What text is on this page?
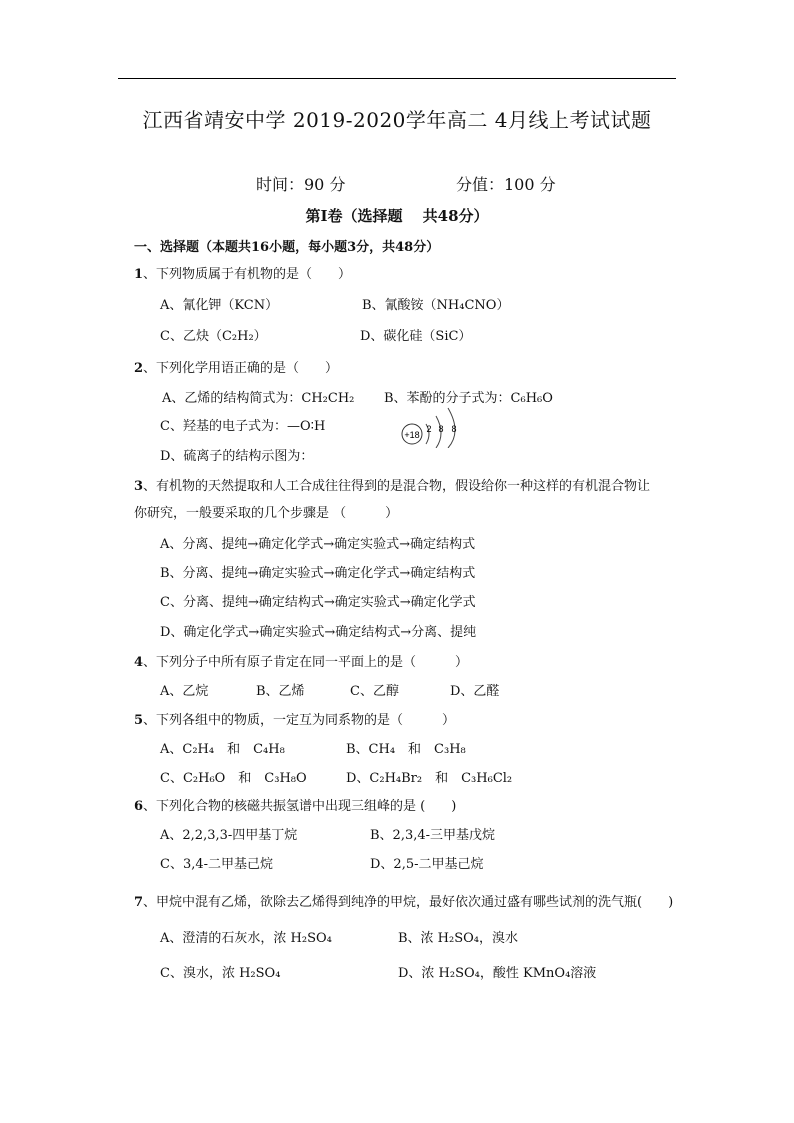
江西省靖安中学 2019-2020学年高二 4月线上考试试题
时间：90 分	分值：100 分
第Ⅰ卷（选择题　 共48分）
一、选择题（本题共16小题，每小题3分，共48分）
1、下列物质属于有机物的是（　　）
A、氰化钾（KCN）	B、氰酸铵（NH₄CNO）
C、乙炔（C₂H₂）	D、碳化硅（SiC）
2、下列化学用语正确的是（　　）
A、乙烯的结构简式为：CH₂CH₂ B、苯酚的分子式为：C₆H₆O
C、羟基的电子式为：—O∶H
D、硫离子的结构示图为：
+18
2 8 8
3、有机物的天然提取和人工合成往往得到的是混合物，假设给你一种这样的有机混合物让
你研究，一般要采取的几个步骤是 （　　　）
A、分离、提纯→确定化学式→确定实验式→确定结构式
B、分离、提纯→确定实验式→确定化学式→确定结构式
C、分离、提纯→确定结构式→确定实验式→确定化学式
D、确定化学式→确定实验式→确定结构式→分离、提纯
4、下列分子中所有原子肯定在同一平面上的是（　　　）
A、乙烷	B、乙烯	C、乙醇	D、乙醛
5、下列各组中的物质，一定互为同系物的是（　　　）
A、C₂H₄　和　C₄H₈	B、CH₄　和　C₃H₈
C、C₂H₆O　和　C₃H₈O	D、C₂H₄Br₂　和　C₃H₆Cl₂
6、下列化合物的核磁共振氢谱中出现三组峰的是 (　　)
A、2,2,3,3-四甲基丁烷	B、2,3,4-三甲基戊烷
C、3,4-二甲基己烷	D、2,5-二甲基己烷
7、甲烷中混有乙烯，欲除去乙烯得到纯净的甲烷，最好依次通过盛有哪些试剂的洗气瓶(　　)
A、澄清的石灰水，浓 H₂SO₄	B、浓 H₂SO₄，溴水
C、溴水，浓 H₂SO₄	D、浓 H₂SO₄，酸性 KMnO₄溶液
